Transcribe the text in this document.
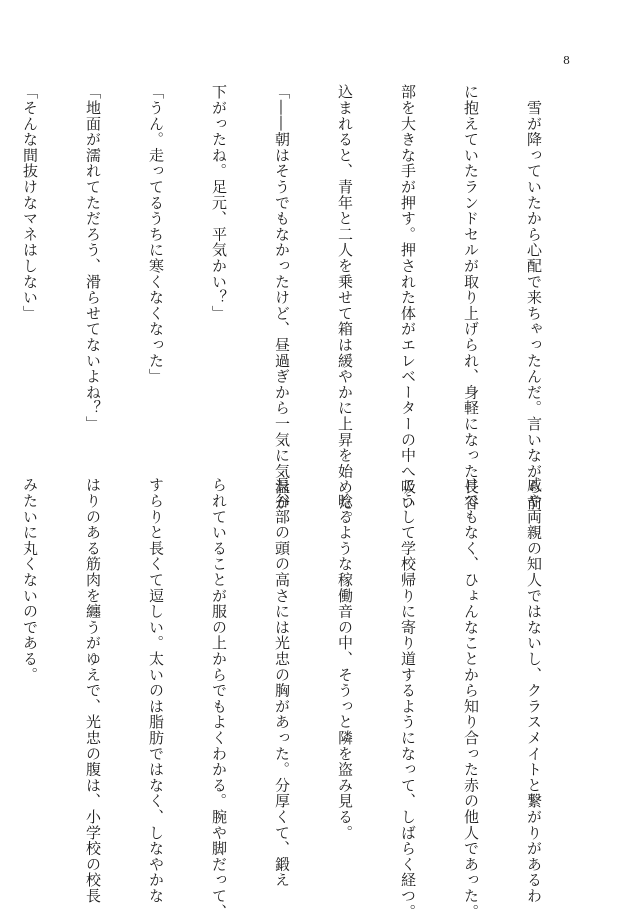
8

　雪が降っていたから心配で来ちゃったんだ。言いながら前

に抱えていたランドセルが取り上げられ、身軽になった長谷

部を大きな手が押す。押された体がエレベーターの中へ吸い

込まれると、青年と二人を乗せて箱は緩やかに上昇を始めた。

「――朝はそうでもなかったけど、昼過ぎから一気に気温が

下がったね。足元、平気かい？」

「うん。走ってるうちに寒くなくなった」

「地面が濡れてただろう、滑らせてないよね？」

「そんな間抜けなマネはしない」

戚や両親の知人ではないし、クラスメイトと繋がりがあるわ

けでもなく、ひょんなことから知り合った赤の他人であった。

こうして学校帰りに寄り道するようになって、しばらく経つ。

　唸るような稼働音の中、そうっと隣を盗み見る。

長谷部の頭の高さには光忠の胸があった。分厚くて、鍛え

られていることが服の上からでもよくわかる。腕や脚だって、

すらりと長くて逗しい。太いのは脂肪ではなく、しなやかな

はりのある筋肉を纏うがゆえで、光忠の腹は、小学校の校長

みたいに丸くないのである。
